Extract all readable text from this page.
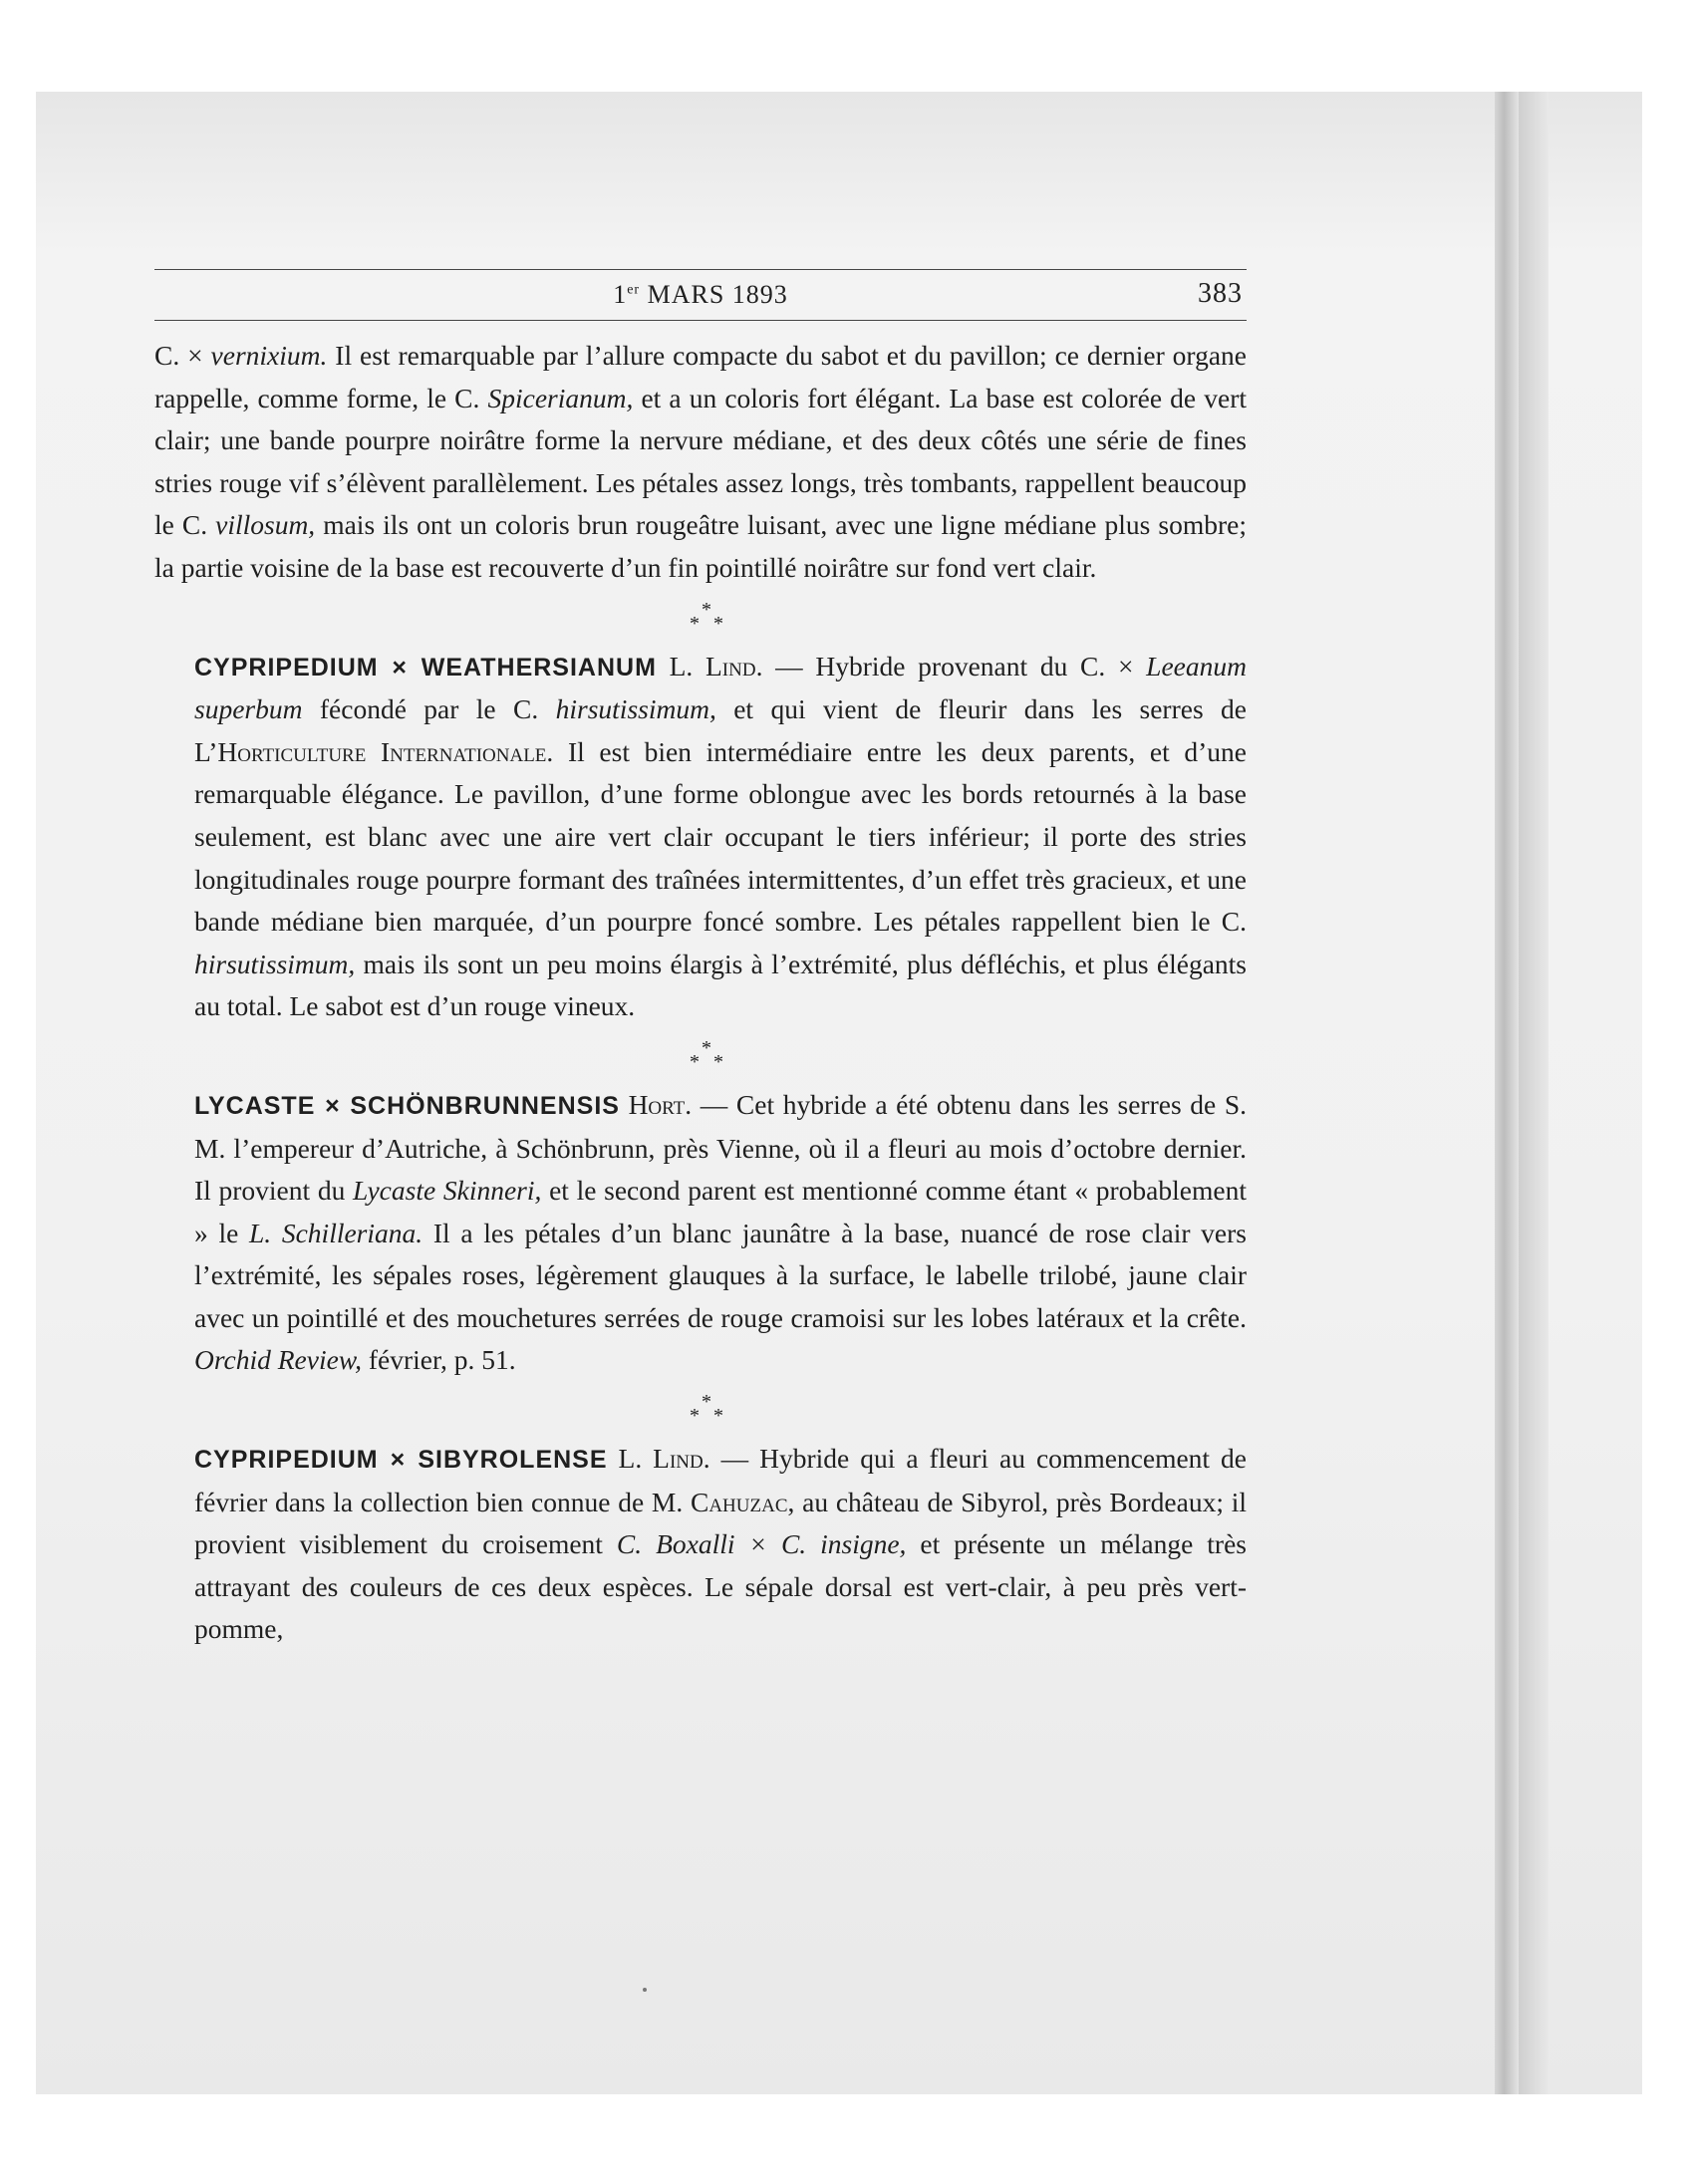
1er MARS 1893	383

C. × vernixium. Il est remarquable par l’allure compacte du sabot et du pavillon; ce dernier organe rappelle, comme forme, le C. Spicerianum, et a un coloris fort élégant. La base est colorée de vert clair; une bande pourpre noirâtre forme la nervure médiane, et des deux côtés une série de fines stries rouge vif s’élèvent parallèlement. Les pétales assez longs, très tombants, rappellent beaucoup le C. villosum, mais ils ont un coloris brun rougeâtre luisant, avec une ligne médiane plus sombre; la partie voisine de la base est recouverte d’un fin pointillé noirâtre sur fond vert clair.

*
* *

CYPRIPEDIUM × WEATHERSIANUM L. Lind. — Hybride provenant du C. × Leeanum superbum fécondé par le C. hirsutissimum, et qui vient de fleurir dans les serres de L’Horticulture Internationale. Il est bien intermédiaire entre les deux parents, et d’une remarquable élégance. Le pavillon, d’une forme oblongue avec les bords retournés à la base seulement, est blanc avec une aire vert clair occupant le tiers inférieur; il porte des stries longitudinales rouge pourpre formant des traînées intermittentes, d’un effet très gracieux, et une bande médiane bien marquée, d’un pourpre foncé sombre. Les pétales rappellent bien le C. hirsutissimum, mais ils sont un peu moins élargis à l’extrémité, plus défléchis, et plus élégants au total. Le sabot est d’un rouge vineux.

*
* *

LYCASTE × SCHÖNBRUNNENSIS Hort. — Cet hybride a été obtenu dans les serres de S. M. l’empereur d’Autriche, à Schönbrunn, près Vienne, où il a fleuri au mois d’octobre dernier. Il provient du Lycaste Skinneri, et le second parent est mentionné comme étant « probablement » le L. Schilleriana. Il a les pétales d’un blanc jaunâtre à la base, nuancé de rose clair vers l’extrémité, les sépales roses, légèrement glauques à la surface, le labelle trilobé, jaune clair avec un pointillé et des mouchetures serrées de rouge cramoisi sur les lobes latéraux et la crête. Orchid Review, février, p. 51.

*
* *

CYPRIPEDIUM × SIBYROLENSE L. Lind. — Hybride qui a fleuri au commencement de février dans la collection bien connue de M. Cahuzac, au château de Sibyrol, près Bordeaux; il provient visiblement du croisement C. Boxalli × C. insigne, et présente un mélange très attrayant des couleurs de ces deux espèces. Le sépale dorsal est vert-clair, à peu près vert-pomme,
